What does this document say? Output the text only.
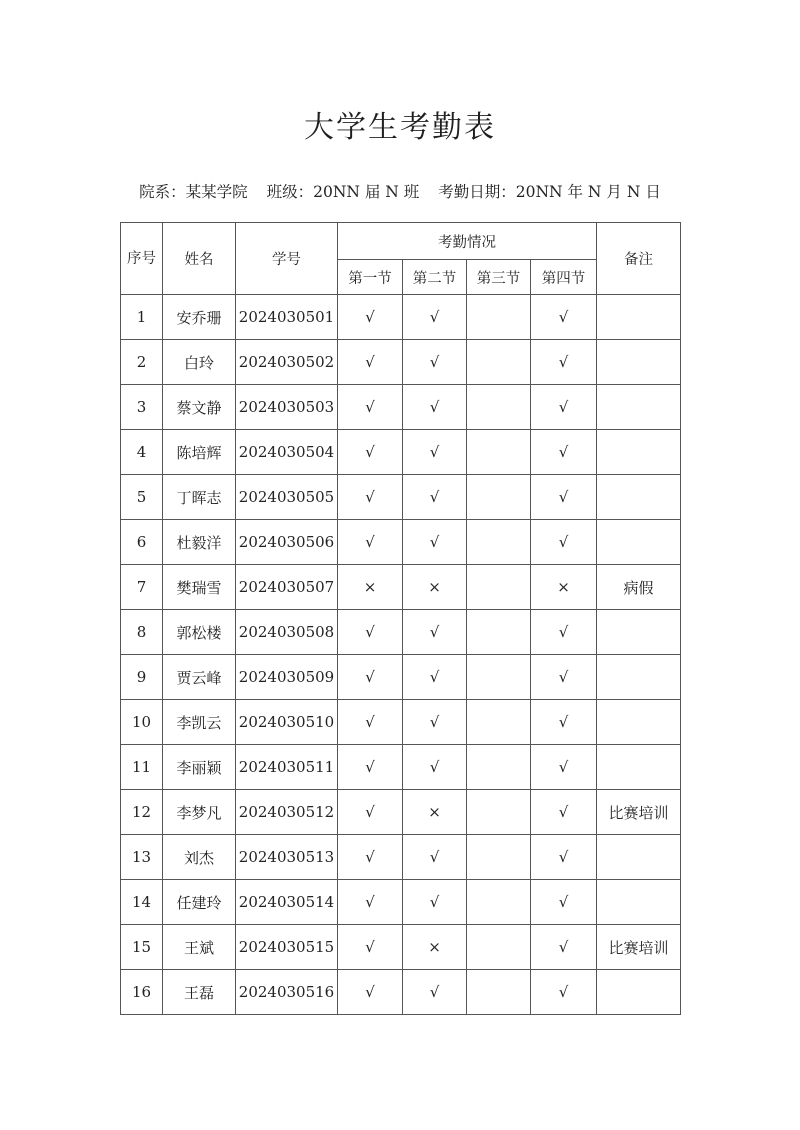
大学生考勤表
院系：某某学院 班级：20NN 届 N 班 考勤日期：20NN 年 N 月 N 日
序号	姓名	学号	考勤情况				备注
			第一节	第二节	第三节	第四节	
1	安乔珊	2024030501	√	√		√	
2	白玲	2024030502	√	√		√	
3	蔡文静	2024030503	√	√		√	
4	陈培辉	2024030504	√	√		√	
5	丁晖志	2024030505	√	√		√	
6	杜毅洋	2024030506	√	√		√	
7	樊瑞雪	2024030507	×	×		×	病假
8	郭松楼	2024030508	√	√		√	
9	贾云峰	2024030509	√	√		√	
10	李凯云	2024030510	√	√		√	
11	李丽颖	2024030511	√	√		√	
12	李梦凡	2024030512	√	×		√	比赛培训
13	刘杰	2024030513	√	√		√	
14	任建玲	2024030514	√	√		√	
15	王斌	2024030515	√	×		√	比赛培训
16	王磊	2024030516	√	√		√	
